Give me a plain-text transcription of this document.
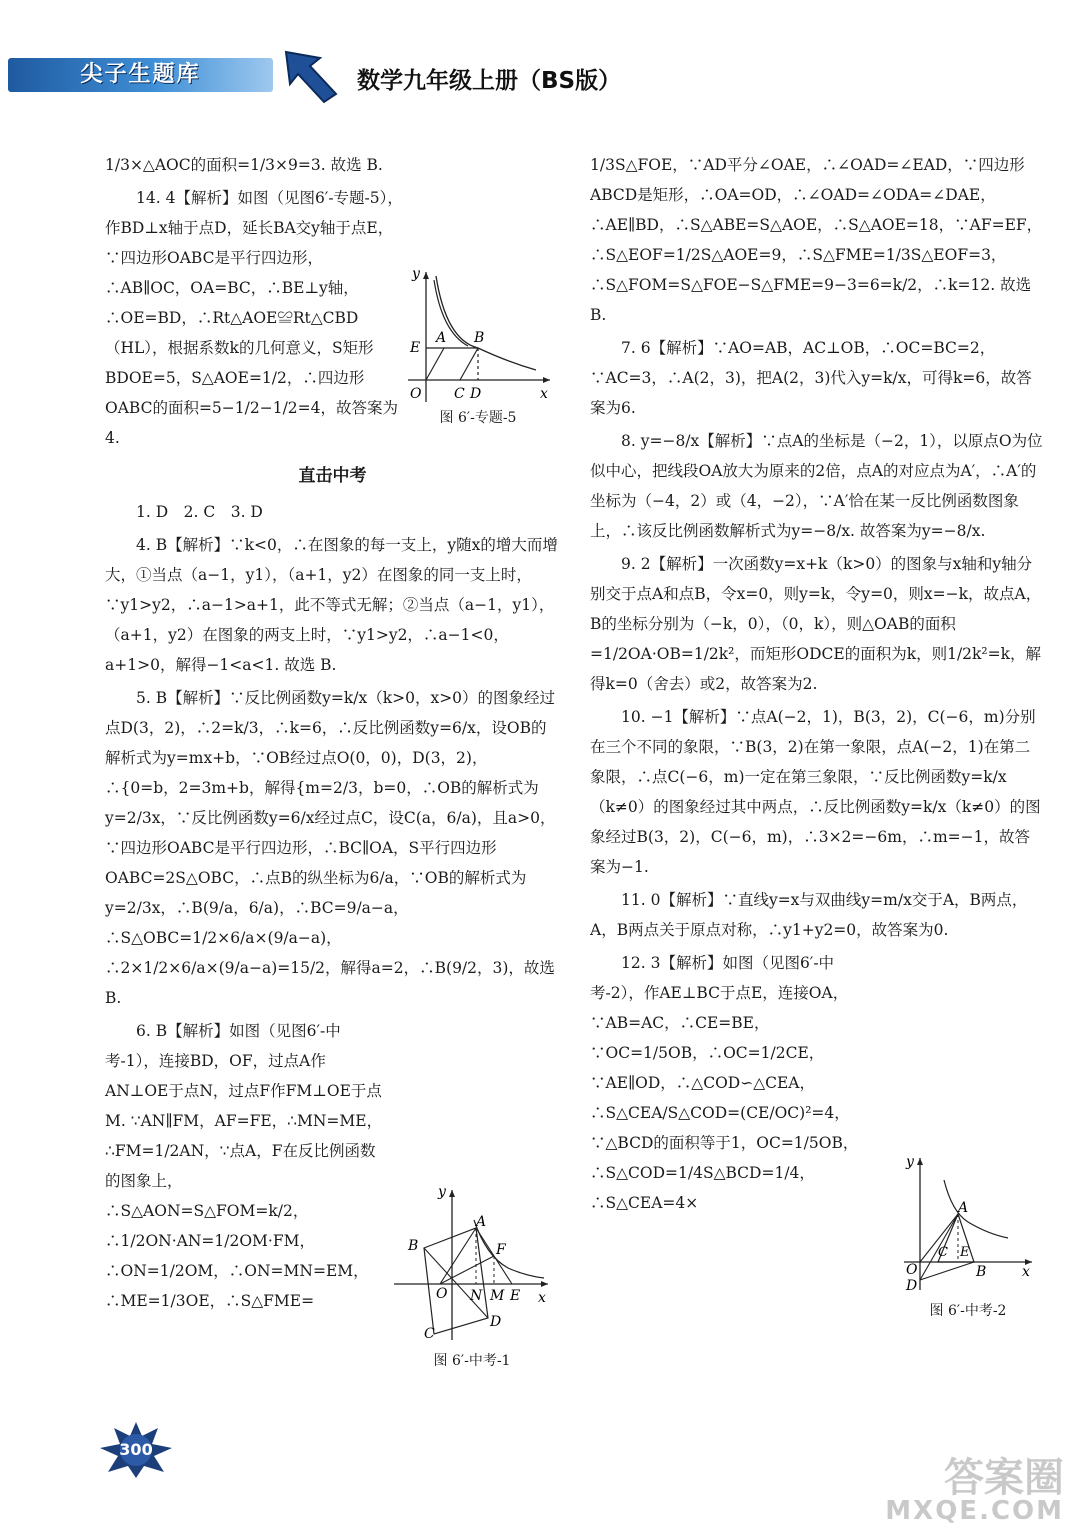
尖子生题库	数学九年级上册（BS版）

1/3×△AOC的面积=1/3×9=3. 故选 B.

14. 4【解析】如图（见图6′-专题-5），作BD⊥x轴于点D，延长BA交y轴于点E，∵四边形OABC是平行四边形，∴AB∥OC，OA=BC，∴BE⊥y轴，∴OE=BD，∴Rt△AOE≌Rt△CBD（HL），根据系数k的几何意义，S矩形BDOE=5，S△AOE=1/2，∴四边形OABC的面积=5−1/2−1/2=4，故答案为4.

直击中考

1. D　2. C　3. D

4. B【解析】∵k<0，∴在图象的每一支上，y随x的增大而增大，①当点（a−1，y1），（a+1，y2）在图象的同一支上时，∵y1>y2，∴a−1>a+1，此不等式无解；②当点（a−1，y1），（a+1，y2）在图象的两支上时，∵y1>y2，∴a−1<0，a+1>0，解得−1<a<1. 故选 B.

5. B【解析】∵反比例函数y=k/x（k>0，x>0）的图象经过点D(3，2)，∴2=k/3，∴k=6，∴反比例函数y=6/x，设OB的解析式为y=mx+b，∵OB经过点O(0，0)，D(3，2)，∴{0=b，2=3m+b，解得{m=2/3，b=0，∴OB的解析式为y=2/3x，∵反比例函数y=6/x经过点C，设C(a，6/a)，且a>0，∵四边形OABC是平行四边形，∴BC∥OA，S平行四边形OABC=2S△OBC，∴点B的纵坐标为6/a，∵OB的解析式为y=2/3x，∴B(9/a，6/a)，∴BC=9/a−a，∴S△OBC=1/2×6/a×(9/a−a)，∴2×1/2×6/a×(9/a−a)=15/2，解得a=2，∴B(9/2，3)，故选 B.

6. B【解析】如图（见图6′-中考-1），连接BD，OF，过点A作AN⊥OE于点N，过点F作FM⊥OE于点M. ∵AN∥FM，AF=FE，∴MN=ME，∴FM=1/2AN，∵点A，F在反比例函数的图象上，∴S△AON=S△FOM=k/2，∴1/2ON·AN=1/2OM·FM，∴ON=1/2OM，∴ON=MN=EM，∴ME=1/3OE，∴S△FME=

1/3S△FOE，∵AD平分∠OAE，∴∠OAD=∠EAD，∵四边形ABCD是矩形，∴OA=OD，∴∠OAD=∠ODA=∠DAE，∴AE∥BD，∴S△ABE=S△AOE，∴S△AOE=18，∵AF=EF，∴S△EOF=1/2S△AOE=9，∴S△FME=1/3S△EOF=3，∴S△FOM=S△FOE−S△FME=9−3=6=k/2，∴k=12. 故选 B.

7. 6【解析】∵AO=AB，AC⊥OB，∴OC=BC=2，∵AC=3，∴A(2，3)，把A(2，3)代入y=k/x，可得k=6，故答案为6.

8. y=−8/x【解析】∵点A的坐标是（−2，1），以原点O为位似中心，把线段OA放大为原来的2倍，点A的对应点为A′，∴A′的坐标为（−4，2）或（4，−2），∵A′恰在某一反比例函数图象上，∴该反比例函数解析式为y=−8/x. 故答案为y=−8/x.

9. 2【解析】一次函数y=x+k（k>0）的图象与x轴和y轴分别交于点A和点B，令x=0，则y=k，令y=0，则x=−k，故点A，B的坐标分别为（−k，0），（0，k），则△OAB的面积=1/2OA·OB=1/2k²，而矩形ODCE的面积为k，则1/2k²=k，解得k=0（舍去）或2，故答案为2.

10. −1【解析】∵点A(−2，1)，B(3，2)，C(−6，m)分别在三个不同的象限，∵B(3，2)在第一象限，点A(−2，1)在第二象限，∴点C(−6，m)一定在第三象限，∵反比例函数y=k/x（k≠0）的图象经过其中两点，∴反比例函数y=k/x（k≠0）的图象经过B(3，2)，C(−6，m)，∴3×2=−6m，∴m=−1，故答案为−1.

11. 0【解析】∵直线y=x与双曲线y=m/x交于A，B两点，A，B两点关于原点对称，∴y1+y2=0，故答案为0.

12. 3【解析】如图（见图6′-中考-2），作AE⊥BC于点E，连接OA，∵AB=AC，∴CE=BE，∵OC=1/5OB，∴OC=1/2CE，∵AE∥OD，∴△COD∽△CEA，∴S△CEA/S△COD=(CE/OC)²=4，∵△BCD的面积等于1，OC=1/5OB，∴S△COD=1/4S△BCD=1/4，∴S△CEA=4×

y
E
A B
O C D	x
图 6′-专题-5
y
A
B	F
O N M E
C
D
x
图 6′-中考-1
y
A
C E
O
D
B	x
图 6′-中考-2
300
答案圈
MXQE.COM
